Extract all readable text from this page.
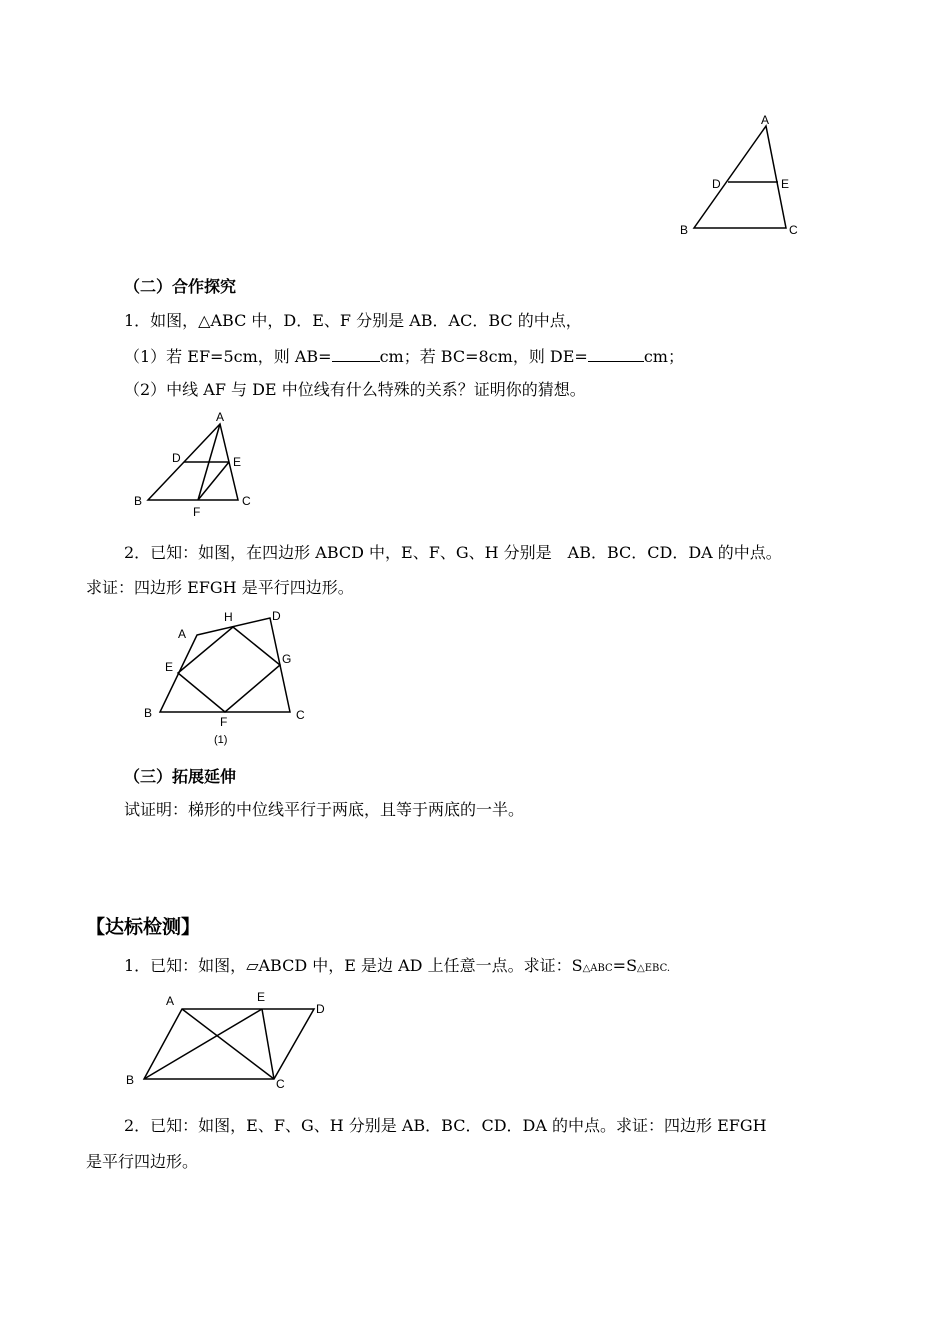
A
D	E
B	C
（二）合作探究
1．如图，△ABC 中，D．E、F 分别是 AB．AC．BC 的中点，
（1）若 EF=5cm，则 AB=	cm；若 BC=8cm，则 DE=	cm；
（2）中线 AF 与 DE 中位线有什么特殊的关系？证明你的猜想。
A
D	E
B
F
C
2．已知：如图，在四边形 ABCD 中，E、F、G、H 分别是　AB．BC．CD．DA 的中点。
求证：四边形 EFGH 是平行四边形。
A
H	D
E
G
B
F	C
(1)
（三）拓展延伸
试证明：梯形的中位线平行于两底，且等于两底的一半。
【达标检测】
1．已知：如图，▱ABCD 中，E 是边 AD 上任意一点。求证：S△ABC=S△EBC.
A	E
D
B	C
2．已知：如图，E、F、G、H 分别是 AB．BC．CD．DA 的中点。求证：四边形 EFGH
是平行四边形。
